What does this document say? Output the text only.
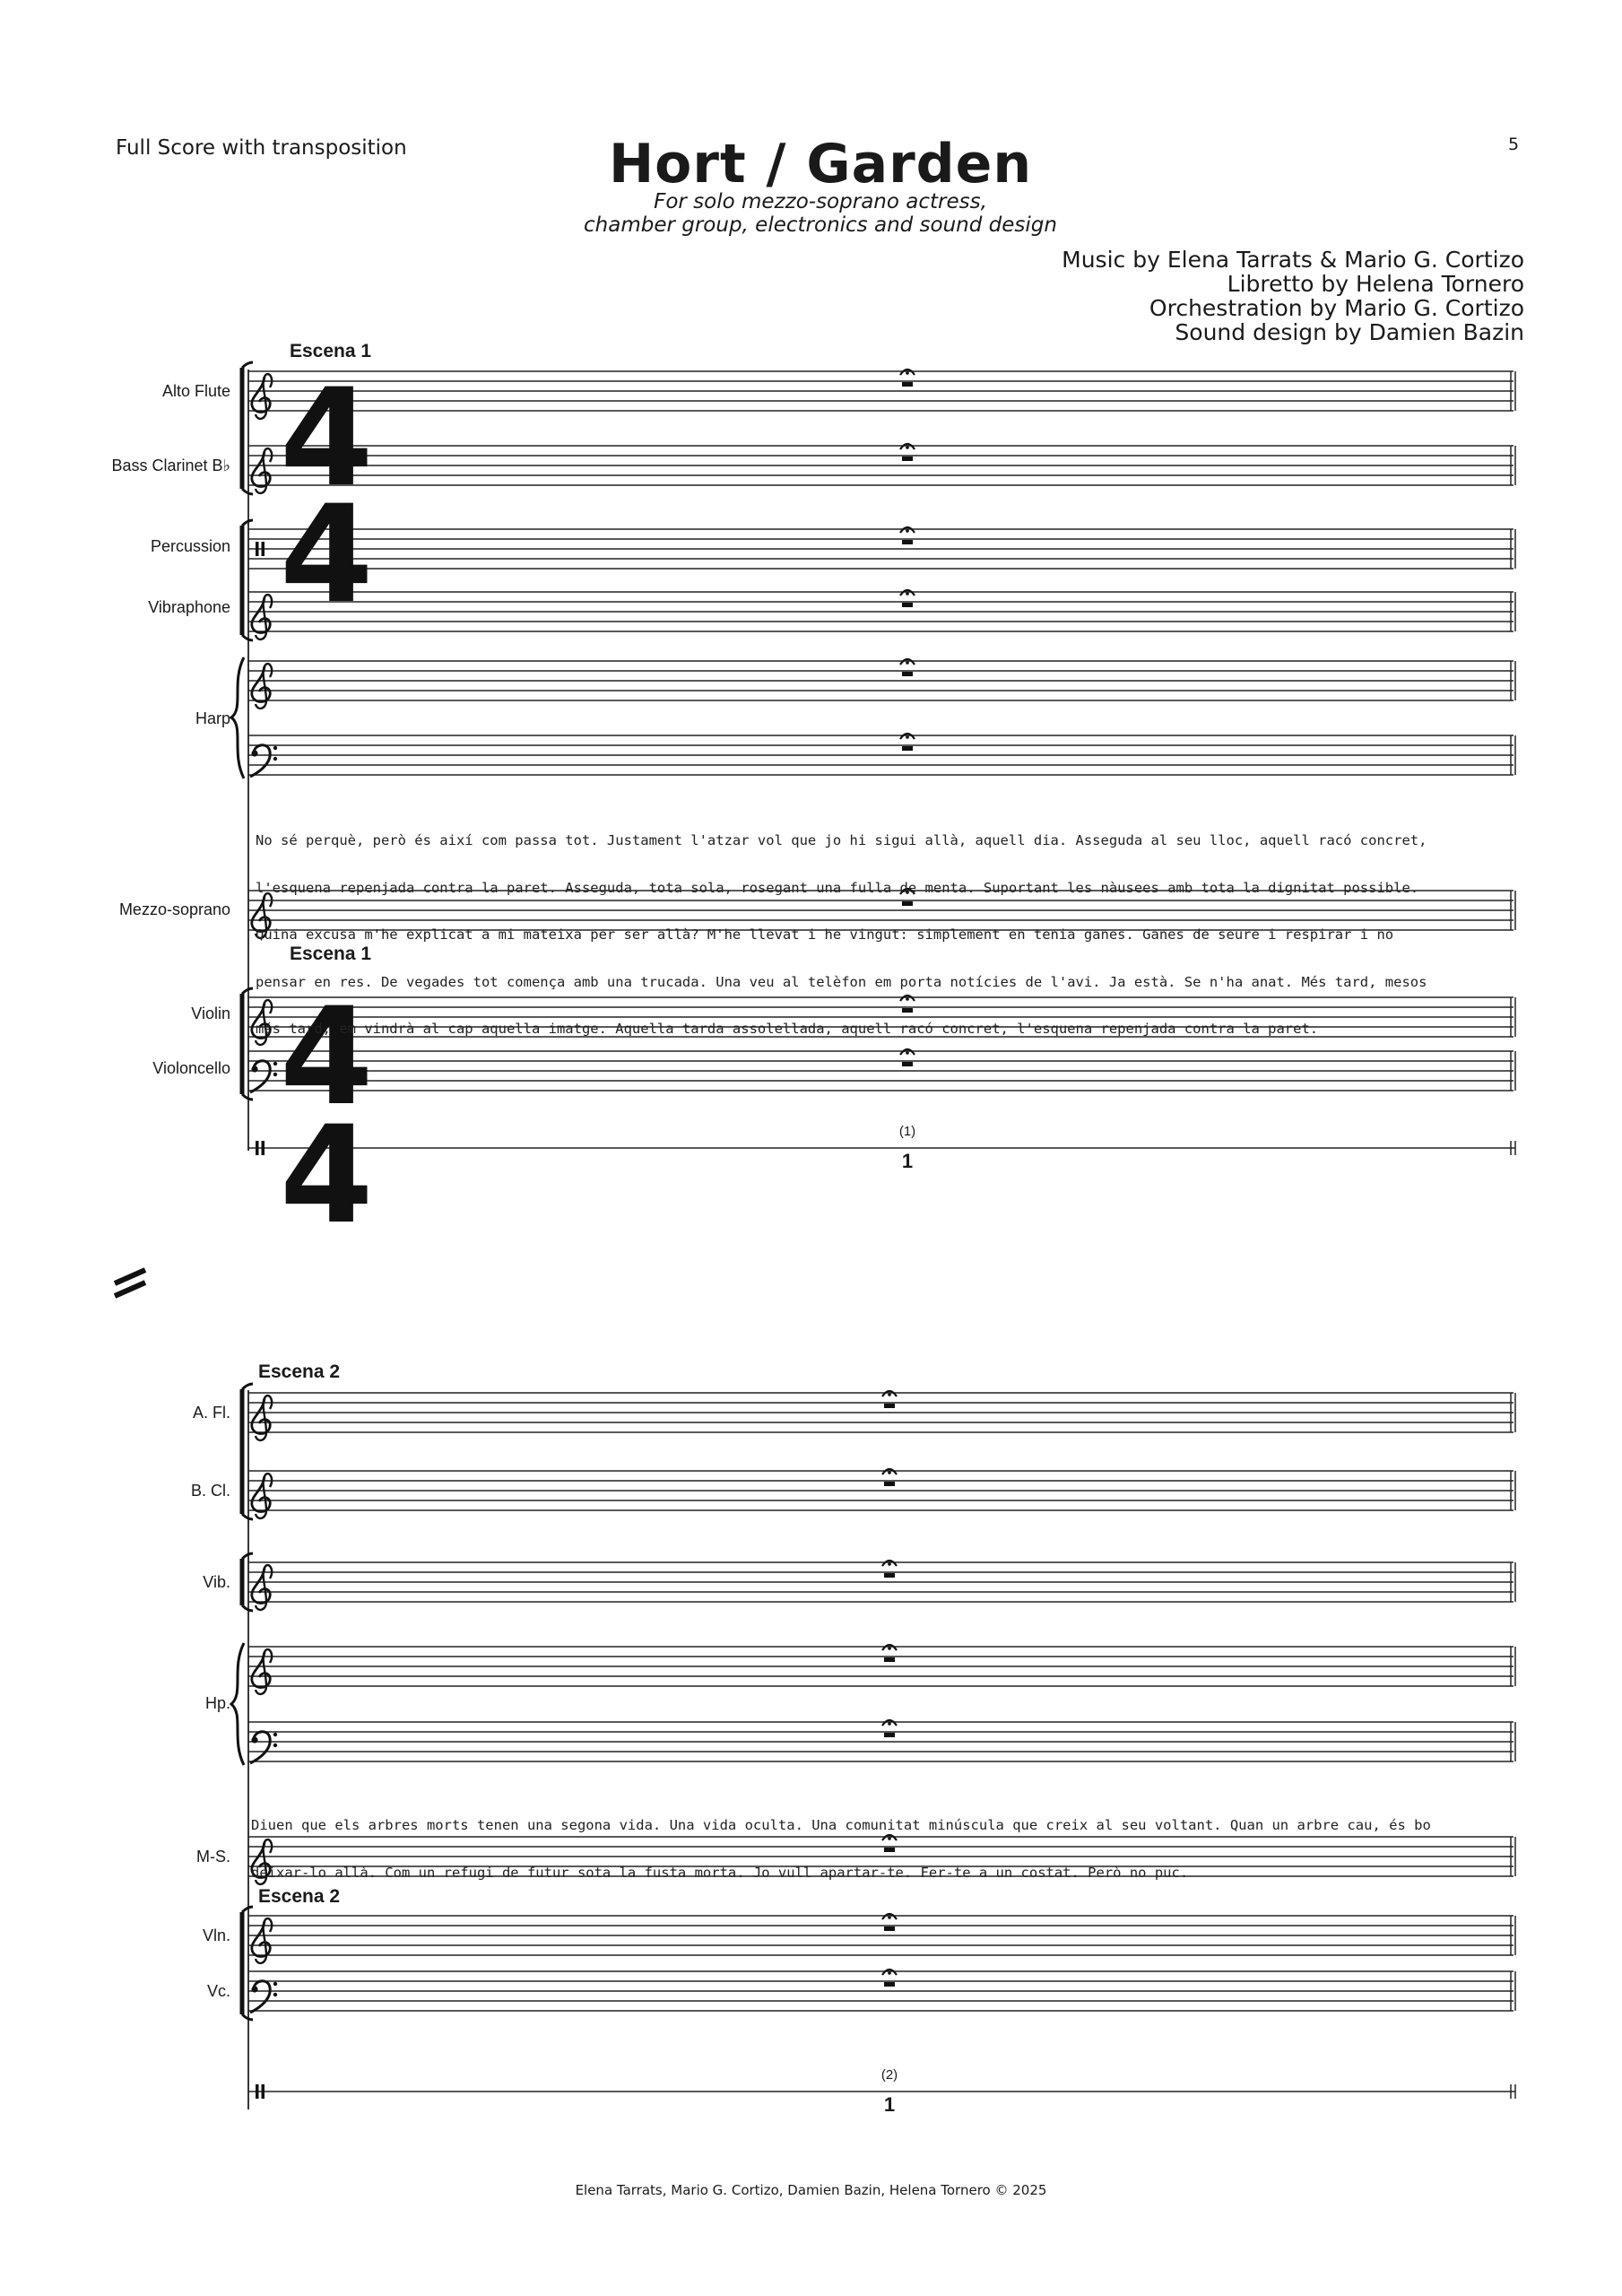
Full Score with transposition	5
Hort / Garden
For solo mezzo-soprano actress,
chamber group, electronics and sound design
Music by Elena Tarrats & Mario G. Cortizo
Libretto by Helena Tornero
Orchestration by Mario G. Cortizo
Sound design by Damien Bazin
4
4
4
4
Escena 1
Escena 1
Alto Flute
Bass Clarinet B♭
Percussion
Vibraphone
Harp
Mezzo-soprano
Violin
Violoncello

No sé perquè, però és així com passa tot. Justament l'atzar vol que jo hi sigui allà, aquell dia. Asseguda al seu lloc, aquell racó concret,

l'esquena repenjada contra la paret. Asseguda, tota sola, rosegant una fulla de menta. Suportant les nàusees amb tota la dignitat possible.

Quina excusa m'he explicat a mi mateixa per ser allà? M'he llevat i he vingut: simplement en tenia ganes. Ganes de seure i respirar i no

pensar en res. De vegades tot comença amb una trucada. Una veu al telèfon em porta notícies de l'avi. Ja està. Se n'ha anat. Més tard, mesos

més tard, em vindrà al cap aquella imatge. Aquella tarda assolellada, aquell racó concret, l'esquena repenjada contra la paret.

(1)
1
Escena 2
Escena 2
A. Fl.
B. Cl.
Vib.
Hp.
M-S.
Vln.
Vc.

Diuen que els arbres morts tenen una segona vida. Una vida oculta. Una comunitat minúscula que creix al seu voltant. Quan un arbre cau, és bo

deixar-lo allà. Com un refugi de futur sota la fusta morta. Jo vull apartar-te. Fer-te a un costat. Però no puc.

(2)
1
Elena Tarrats, Mario G. Cortizo, Damien Bazin, Helena Tornero © 2025
